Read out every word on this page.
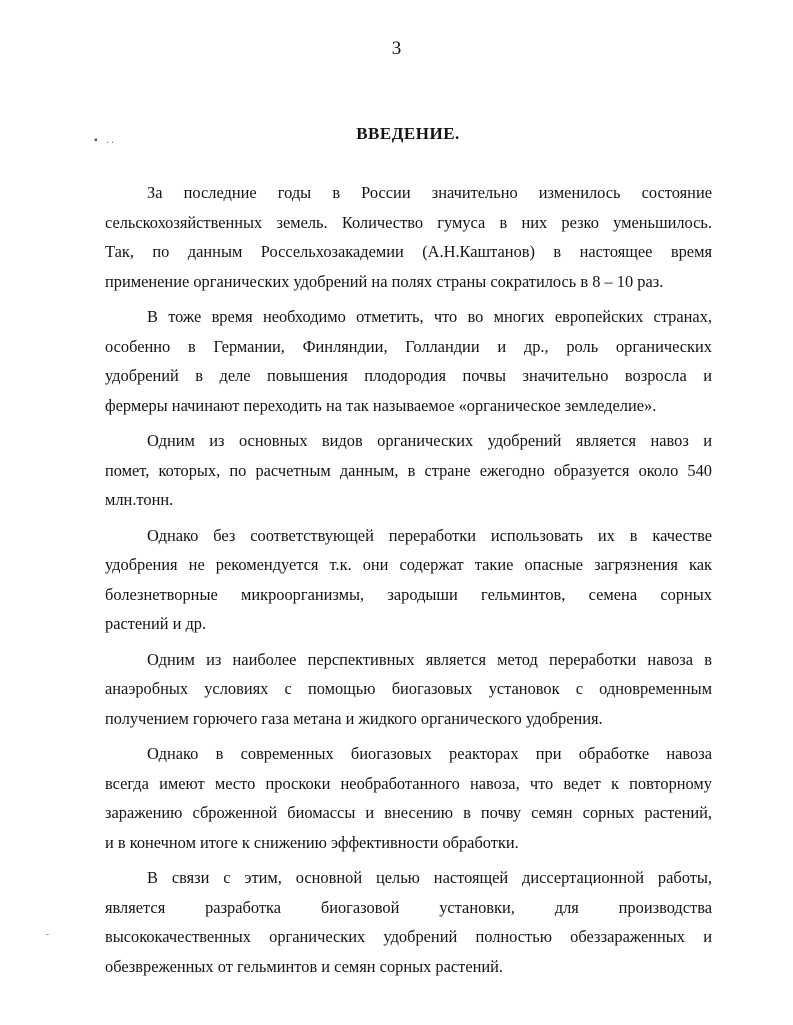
3
▪ ..	ВВЕДЕНИЕ.
За последние годы в России значительно изменилось состояние
сельскохозяйственных земель. Количество гумуса в них резко уменьшилось.
Так, по данным Россельхозакадемии (А.Н.Каштанов) в настоящее время
применение органических удобрений на полях страны сократилось в 8 – 10 раз.
В тоже время необходимо отметить, что во многих европейских странах,
особенно в Германии, Финляндии, Голландии и др., роль органических
удобрений в деле повышения плодородия почвы значительно возросла и
фермеры начинают переходить на так называемое «органическое земледелие».
Одним из основных видов органических удобрений является навоз и
помет, которых, по расчетным данным, в стране ежегодно образуется около 540
млн.тонн.
Однако без соответствующей переработки использовать их в качестве
удобрения не рекомендуется т.к. они содержат такие опасные загрязнения как
болезнетворные микроорганизмы, зародыши гельминтов, семена сорных
растений и др.
Одним из наиболее перспективных является метод переработки навоза в
анаэробных условиях с помощью биогазовых установок с одновременным
получением горючего газа метана и жидкого органического удобрения.
Однако в современных биогазовых реакторах при обработке навоза
всегда имеют место проскоки необработанного навоза, что ведет к повторному
заражению сброженной биомассы и внесению в почву семян сорных растений,
и в конечном итоге к снижению эффективности обработки.
В связи с этим, основной целью настоящей диссертационной работы,
является разработка биогазовой установки, для производства
высококачественных органических удобрений полностью обеззараженных и
обезвреженных от гельминтов и семян сорных растений.
